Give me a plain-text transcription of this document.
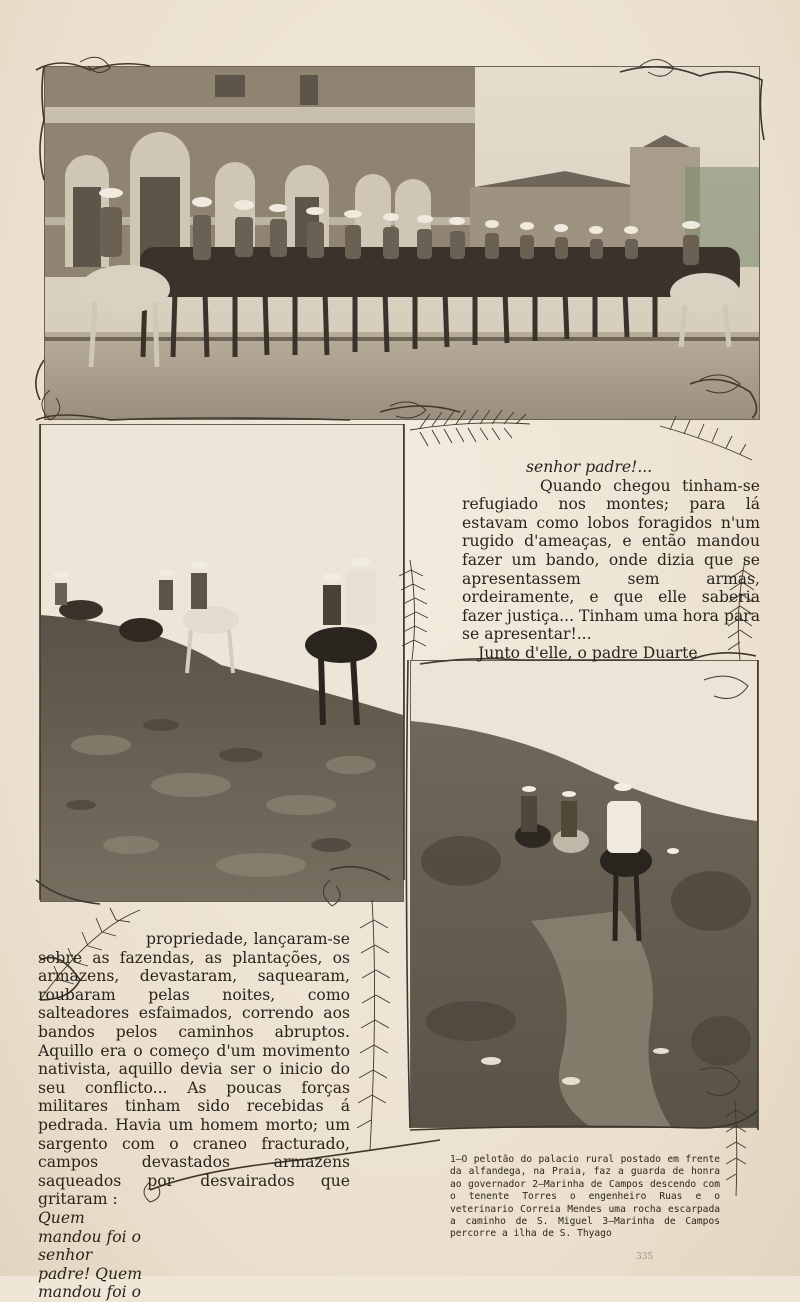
senhor padre!...

Quando chegou tinham-se refugiado nos montes; para lá estavam como lobos foragidos n'um rugido d'ameaças, e então mandou fazer um bando, onde dizia que se apresentassem sem armas, ordeiramente, e que elle saberia fazer justiça... Tinham uma hora para se apresentar!...

Junto d'elle, o padre Duarte

propriedade, lançaram-se sobre as fazendas, as plantações, os armazens, devastaram, saquearam, roubaram pelas noites, como salteadores esfaimados, correndo aos bandos pelos caminhos abruptos. Aquillo era o começo d'um movimento nativista, aquillo devia ser o inicio do seu conflicto... As poucas forças militares tinham sido recebidas á pedrada. Havia um homem morto; um sargento com o craneo fracturado, campos devastados armazens saqueados por desvairados que gritaram :

Quem mandou foi o senhor padre! Quem mandou foi o

1—O pelotão do palacio rural postado em frente da alfandega, na Praia, faz a guarda de honra ao governador 2—Marinha de Campos descendo com o tenente Torres o engenheiro Ruas e o veterinario Correia Mendes uma rocha escarpada a caminho de S. Miguel 3—Marinha de Campos percorre a ilha de S. Thyago
335
